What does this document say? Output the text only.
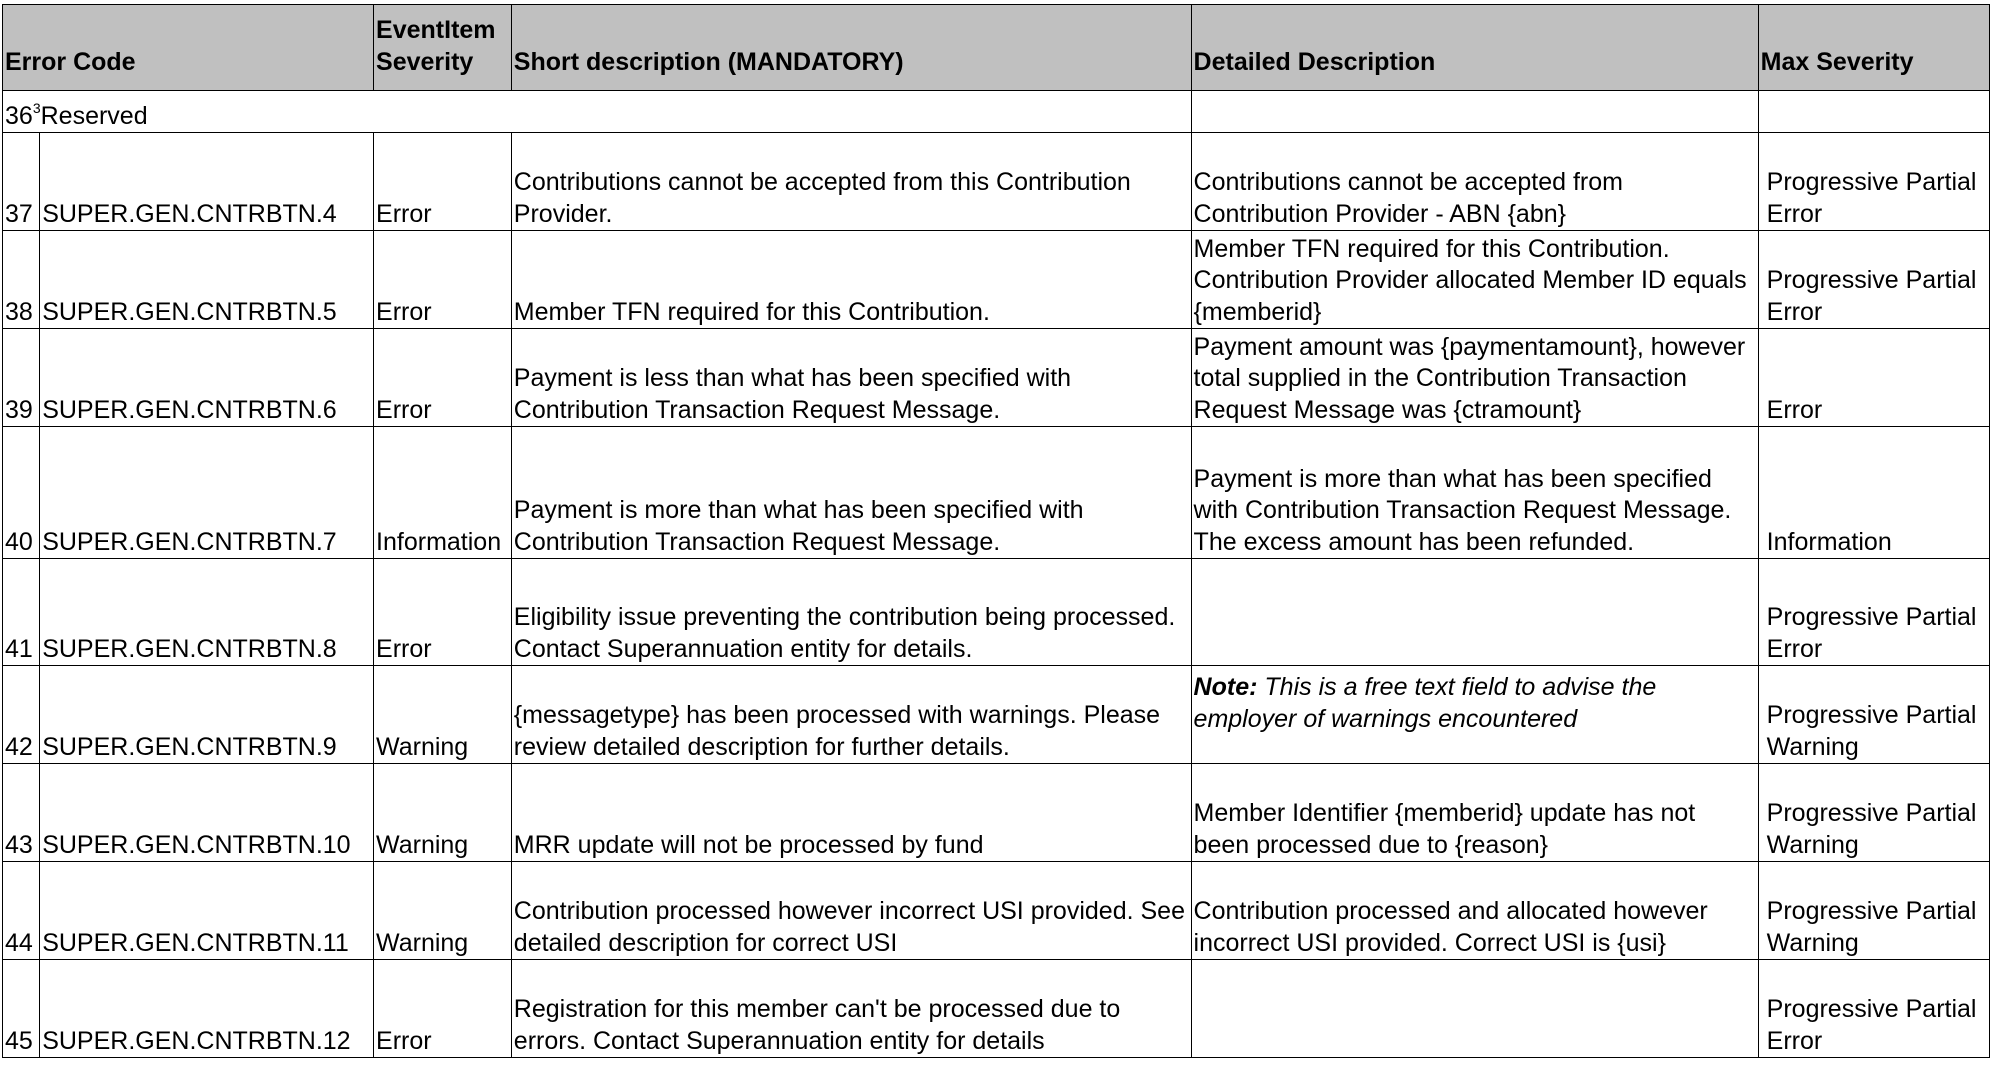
Error Code		EventItem Severity	Short description (MANDATORY)	Detailed Description	Max Severity
$36^3Reserved$					
37	SUPER.GEN.CNTRBTN.4	Error	Contributions cannot be accepted from this Contribution Provider.	Contributions cannot be accepted from Contribution Provider - ABN {abn}	Progressive Partial Error
38	SUPER.GEN.CNTRBTN.5	Error	Member TFN required for this Contribution.	Member TFN required for this Contribution. Contribution Provider allocated Member ID equals {memberid}	Progressive Partial Error
39	SUPER.GEN.CNTRBTN.6	Error	Payment is less than what has been specified with Contribution Transaction Request Message.	Payment amount was {paymentamount}, however total supplied in the Contribution Transaction Request Message was {ctramount}	Error
40	SUPER.GEN.CNTRBTN.7	Information	Payment is more than what has been specified with Contribution Transaction Request Message.	Payment is more than what has been specified with Contribution Transaction Request Message. The excess amount has been refunded.	Information
41	SUPER.GEN.CNTRBTN.8	Error	Eligibility issue preventing the contribution being processed. Contact Superannuation entity for details.		Progressive Partial Error
42	SUPER.GEN.CNTRBTN.9	Warning	{messagetype} has been processed with warnings. Please review detailed description for further details.	Note: This is a free text field to advise the employer of warnings encountered	Progressive Partial Warning
43	SUPER.GEN.CNTRBTN.10	Warning	MRR update will not be processed by fund	Member Identifier {memberid} update has not been processed due to {reason}	Progressive Partial Warning
44	SUPER.GEN.CNTRBTN.11	Warning	Contribution processed however incorrect USI provided. See detailed description for correct USI	Contribution processed and allocated however incorrect USI provided. Correct USI is {usi}	Progressive Partial Warning
45	SUPER.GEN.CNTRBTN.12	Error	Registration for this member can't be processed due to errors. Contact Superannuation entity for details		Progressive Partial Error
